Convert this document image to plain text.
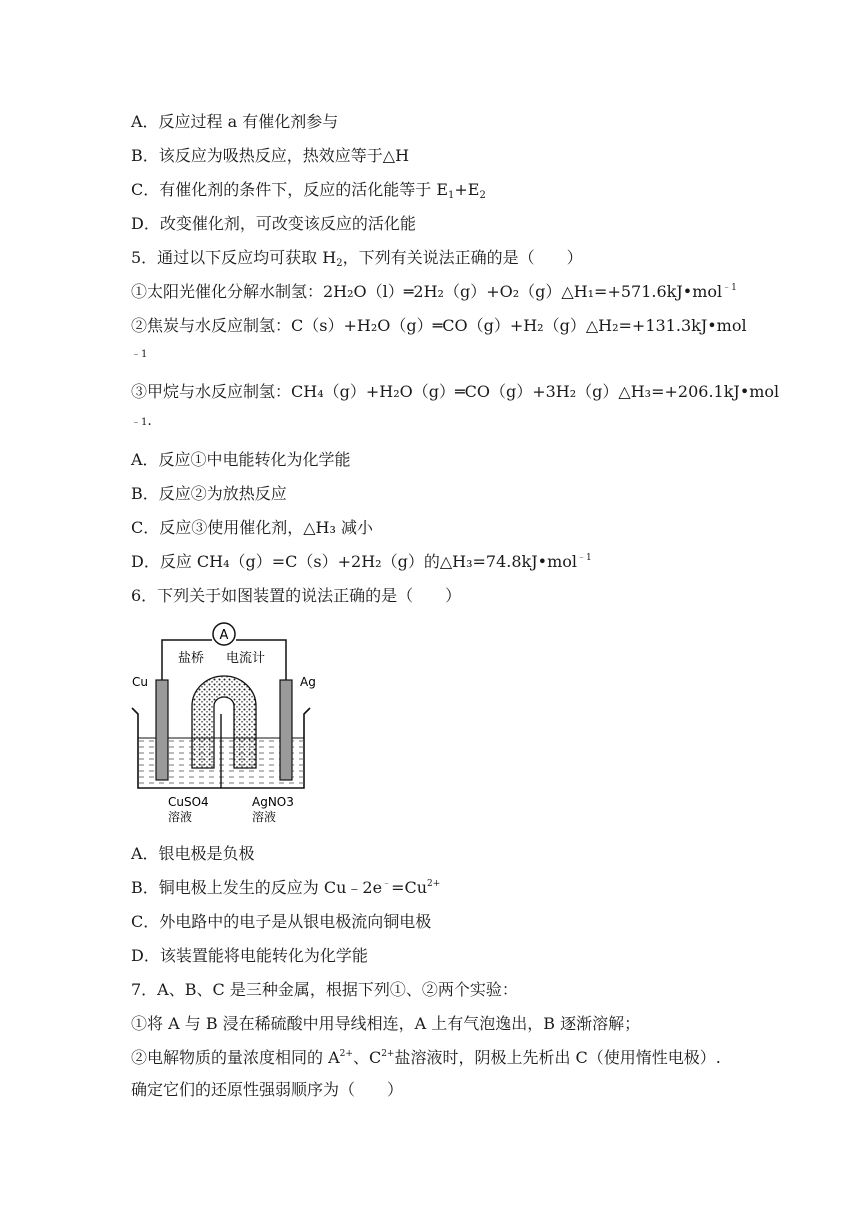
A．反应过程 a 有催化剂参与
B．该反应为吸热反应，热效应等于△H
C．有催化剂的条件下，反应的活化能等于 $E_1+E_2$
D．改变催化剂，可改变该反应的活化能
5．通过以下反应均可获取 $H_2$，下列有关说法正确的是（　　）
①太阳光催化分解水制氢：2H₂O（l）═2H₂（g）+O₂（g）△H₁=+571.6kJ•mol$^{﹣1}$
②焦炭与水反应制氢：C（s）+H₂O（g）═CO（g）+H₂（g）△H₂=+131.3kJ•mol
﹣1
③甲烷与水反应制氢：CH₄（g）+H₂O（g）═CO（g）+3H₂（g）△H₃=+206.1kJ•mol
﹣1.
A．反应①中电能转化为化学能
B．反应②为放热反应
C．反应③使用催化剂，△H₃ 减小
D．反应 CH₄（g）=C（s）+2H₂（g）的△H₃=74.8kJ•mol$^{﹣1}$
6．下列关于如图装置的说法正确的是（　　）
A
盐桥 电流计
Cu	Ag
CuSO4
溶液
AgNO3
溶液
A．银电极是负极
B．铜电极上发生的反应为 $Cu﹣2e^﹣=Cu^{2+}$
C．外电路中的电子是从银电极流向铜电极
D．该装置能将电能转化为化学能
7．A、B、C 是三种金属，根据下列①、②两个实验：
①将 A 与 B 浸在稀硫酸中用导线相连，A 上有气泡逸出，B 逐渐溶解；
②电解物质的量浓度相同的 $A^{2+}$、$C^{2+}$盐溶液时，阴极上先析出 C（使用惰性电极）.
确定它们的还原性强弱顺序为（　　）
